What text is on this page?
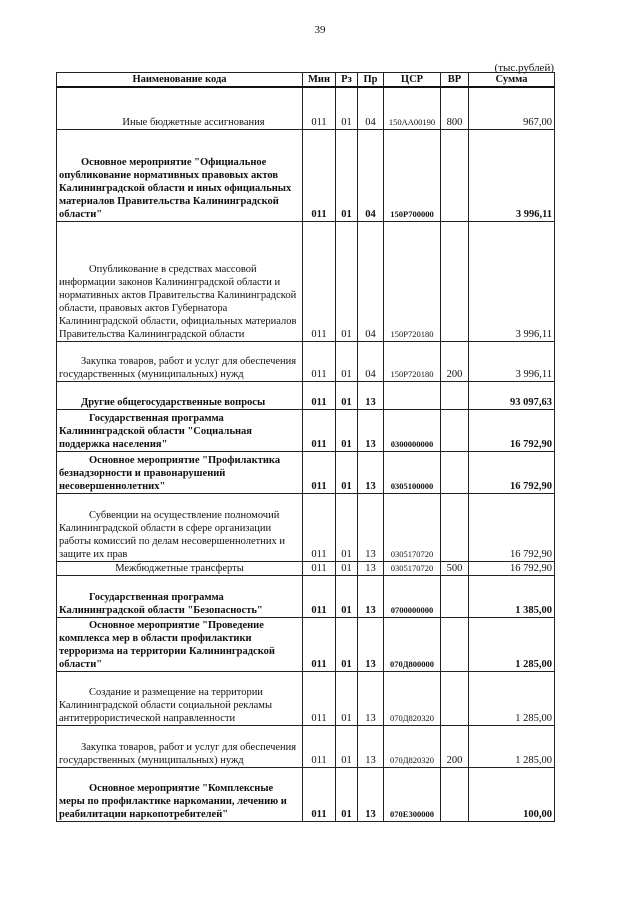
39
(тыс.рублей)
Наименование кода	Мин	Рз	Пр	ЦСР	ВР	Сумма
Иные бюджетные ассигнования	011	01	04	150АА00190	800	967,00
Основное мероприятие "Официальное опубликование нормативных правовых актов Калининградской области и иных официальных материалов Правительства Калининградской области"	011	01	04	150Р700000		3 996,11
Опубликование в средствах массовой информации законов Калининградской области и нормативных актов Правительства Калининградской области, правовых актов Губернатора Калининградской области, официальных материалов Правительства Калининградской области	011	01	04	150Р720180		3 996,11
Закупка товаров, работ и услуг для обеспечения государственных (муниципальных) нужд	011	01	04	150Р720180	200	3 996,11
Другие общегосударственные вопросы	011	01	13			93 097,63
Государственная программа Калининградской области "Социальная поддержка населения"	011	01	13	0300000000		16 792,90
Основное мероприятие "Профилактика безнадзорности и правонарушений несовершеннолетних"	011	01	13	0305100000		16 792,90
Субвенции на осуществление полномочий Калининградской области в сфере организации работы комиссий по делам несовершеннолетних и защите их прав	011	01	13	0305170720		16 792,90
Межбюджетные трансферты	011	01	13	0305170720	500	16 792,90
Государственная программа Калининградской области "Безопасность"	011	01	13	0700000000		1 385,00
Основное мероприятие "Проведение комплекса мер в области профилактики терроризма на территории Калининградской области"	011	01	13	070Д800000		1 285,00
Создание и размещение на территории Калининградской области социальной рекламы антитеррористической направленности	011	01	13	070Д820320		1 285,00
Закупка товаров, работ и услуг для обеспечения государственных (муниципальных) нужд	011	01	13	070Д820320	200	1 285,00
Основное мероприятие "Комплексные меры по профилактике наркомании, лечению и реабилитации наркопотребителей"	011	01	13	070Е300000		100,00
